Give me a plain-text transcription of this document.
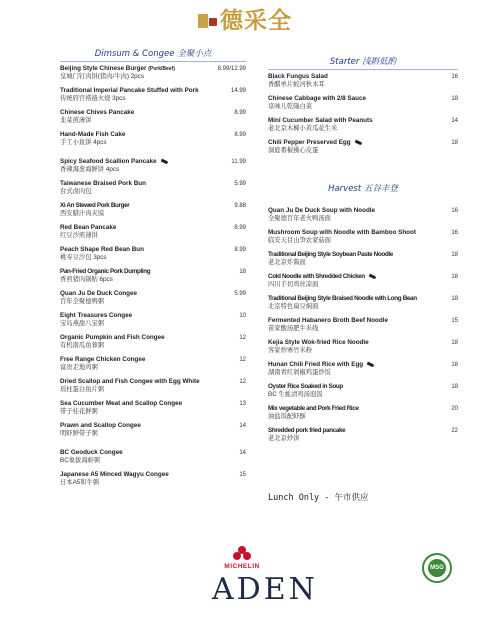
德采全
Dimsum & Congee 全聚小点
Beijing Style Chinese Burger (Pork/Beef)
皇城门钉肉饼(猪肉/牛肉) 2pcs
8.99/12.99
Traditional Imperial Pancake Stuffed with Pork
传统府宫褡裢火烧 3pcs
14.99
Chinese Chives Pancake
韭菜煎薄饼
8.99
Hand-Made Fish Cake
手工小鱼饼 4pcs
8.99
Spicy Seafood Scallion Pancake
香辣海葱海鲜饼 4pcs
11.99
Taiwanese Braised Pork Bun
台式卤肉包
5.99
Xi An Stewed Pork Burger
西安腊汁肉夹馍
9.88
Red Bean Pancake
红豆沙煎薄饼
8.99
Peach Shape Red Bean Bun
桃寿豆沙包 3pcs
8.99
Pan-Fried Organic Pork Dumpling
香煎猪肉锅贴 6pcs
18
Quan Ju De Duck Congee
百年全聚德鸭粥
5.99
Eight Treasures Congee
宝岛燕甜八宝粥
10
Organic Pumpkin and Fish Congee
有机南瓜鱼蓉粥
12
Free Range Chicken Congee
富贵走地鸡粥
12
Dried Scallop and Fish Congee with Egg White
瑶柱蛋白鱼片粥
12
Sea Cucumber Meat and Scallop Congee
带子桂花鲜粥
13
Prawn and Scallop Congee
明虾鲜带子粥
14
BC Geoduck Congee
BC象拔海蚌粥
14
Japanese A5 Minced Wagyu Congee
日本A5和牛粥
15
Starter 浅斟低酌
Black Fungus Salad
香醋单片蛟河秋木耳
16
Chinese Cabbage with 2/8 Sauce
京味儿乾隆白菜
18
Mini Cucumber Salad with Peanuts
老北京木樨小黄瓜花生米
14
Chili Pepper Preserved Egg
洞庭番椒拂心皮蛋
18
Harvest 五谷丰登
Quan Ju De Duck Soup with Noodle
全聚德百年老火鸭汤面
16
Mushroom Soup with Noodle with Bamboo Shoot
临安天目山笋农家菇面
16
Traditional Beijing Style Soybean Paste Noodle
老北京炸酱面
18
Cold Noodle with Shredded Chicken
四川手切鸡丝凉面
18
Traditional Beijing Style Braised Noodle with Long Bean
北京特色扁豆焖面
18
Fermented Habanero Broth Beef Noodle
苗家酸汤肥牛米线
15
Kejia Style Wok-fried Rice Noodle
客家炒寨竹米粉
18
Hunan Chili Fried Rice with Egg
湖南青红剁椒鸡蛋炒饭
18
Oyster Rice Soaked in Soup
BC 生蚝清鸡汤泡饭
18
Mix vegetable and Pork Fried Rice
油盐饭配虾酥
20
Shredded pork fried pancake
老北京炒饼
22
Lunch Only - 午市供应
MICHELIN
ADEN
MSG
